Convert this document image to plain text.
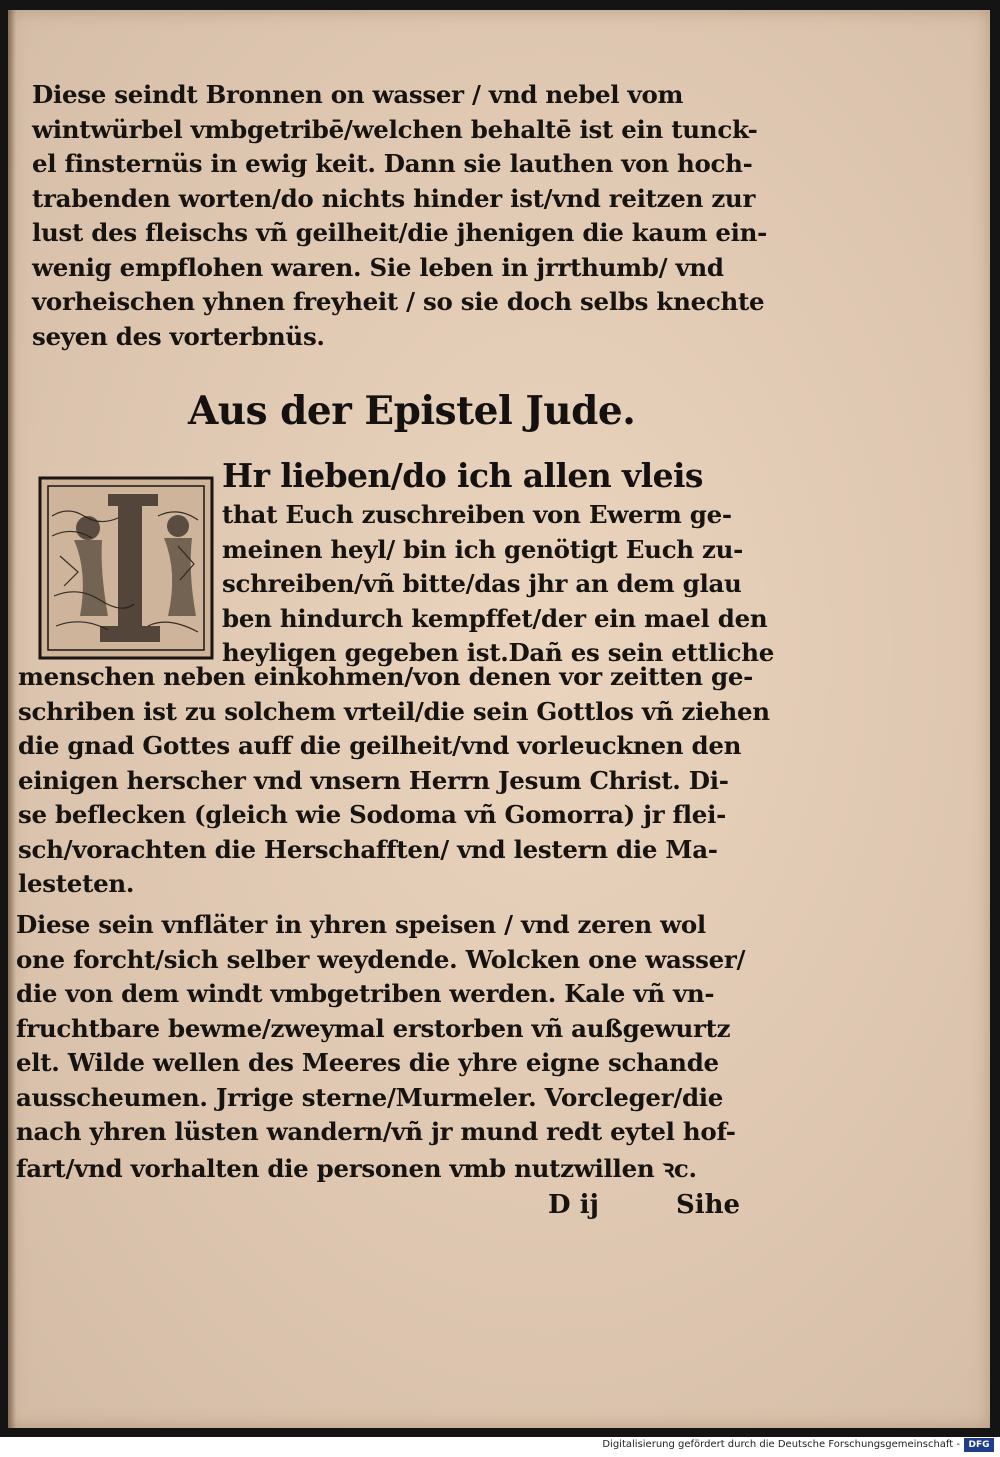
Diese seindt Bronnen on wasser / vnd nebel vom
wintwürbel vmbgetribē/welchen behaltē ist ein tunck-
el finsternüs in ewig keit. Dann sie lauthen von hoch-
trabenden worten/do nichts hinder ist/vnd reitzen zur
lust des fleischs vñ geilheit/die jhenigen die kaum ein-
wenig empflohen waren. Sie leben in jrrthumb/ vnd
vorheischen yhnen freyheit / so sie doch selbs knechte
seyen des vorterbnüs.
Aus der Epistel Jude.
Hr lieben/do ich allen vleis
that Euch zuschreiben von Ewerm ge-
meinen heyl/ bin ich genötigt Euch zu-
schreiben/vñ bitte/das jhr an dem glau
ben hindurch kempffet/der ein mael den
heyligen gegeben ist.Dañ es sein ettliche
menschen neben einkohmen/von denen vor zeitten ge-
schriben ist zu solchem vrteil/die sein Gottlos vñ ziehen
die gnad Gottes auff die geilheit/vnd vorleucknen den
einigen herscher vnd vnsern Herrn Jesum Christ. Di-
se beflecken (gleich wie Sodoma vñ Gomorra) jr flei-
sch/vorachten die Herschafften/ vnd lestern die Ma-
lesteten.
Diese sein vnfläter in yhren speisen / vnd zeren wol
one forcht/sich selber weydende. Wolcken one wasser/
die von dem windt vmbgetriben werden. Kale vñ vn-
fruchtbare bewme/zweymal erstorben vñ außgewurtz
elt. Wilde wellen des Meeres die yhre eigne schande
ausscheumen. Jrrige sterne/Murmeler. Vorcleger/die
nach yhren lüsten wandern/vñ jr mund redt eytel hof-
fart/vnd vorhalten die personen vmb nutzwillen ꝛc.
D ij	Sihe
Digitalisierung gefördert durch die Deutsche Forschungsgemeinschaft - DFG
